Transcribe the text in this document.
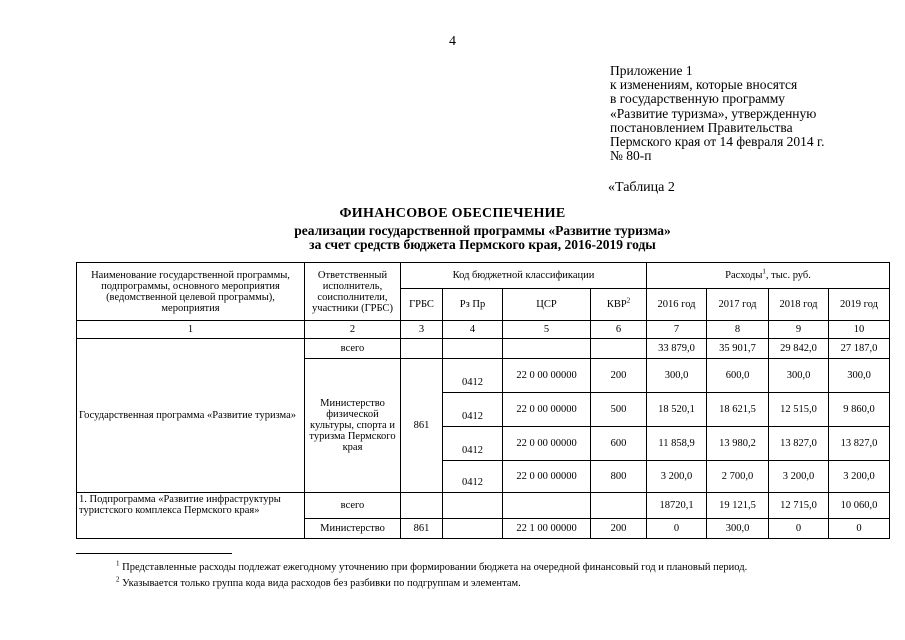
4
Приложение 1
к изменениям, которые вносятся
в государственную программу
«Развитие туризма», утвержденную
постановлением Правительства
Пермского края от 14 февраля 2014 г.
№ 80-п
«Таблица 2
ФИНАНСОВОЕ ОБЕСПЕЧЕНИЕ
реализации государственной программы «Развитие туризма»
за счет средств бюджета Пермского края, 2016-2019 годы
Наименование государственной программы, подпрограммы, основного мероприятия (ведомственной целевой программы), мероприятия	Ответственный исполнитель, соисполнители, участники (ГРБС)	Код бюджетной классификации				Расходы$^1$, тыс. руб.			
		ГРБС	Рз Пр	ЦСР	КВР$^2$	2016 год	2017 год	2018 год	2019 год
1	2	3	4	5	6	7	8	9	10
Государственная программа «Развитие туризма»	всего					33 879,0	35 901,7	29 842,0	27 187,0
	Министерство физической культуры, спорта и туризма Пермского края	861	0412	22 0 00 00000	200	300,0	600,0	300,0	300,0
			0412	22 0 00 00000	500	18 520,1	18 621,5	12 515,0	9 860,0
			0412	22 0 00 00000	600	11 858,9	13 980,2	13 827,0	13 827,0
			0412	22 0 00 00000	800	3 200,0	2 700,0	3 200,0	3 200,0
1. Подпрограмма «Развитие инфраструктуры туристского комплекса Пермского края»	всего					18720,1	19 121,5	12 715,0	10 060,0
	Министерство	861		22 1 00 00000	200	0	300,0	0	0
$^1$ Представленные расходы подлежат ежегодному уточнению при формировании бюджета на очередной финансовый год и плановый период.
$^2$ Указывается только группа кода вида расходов без разбивки по подгруппам и элементам.
